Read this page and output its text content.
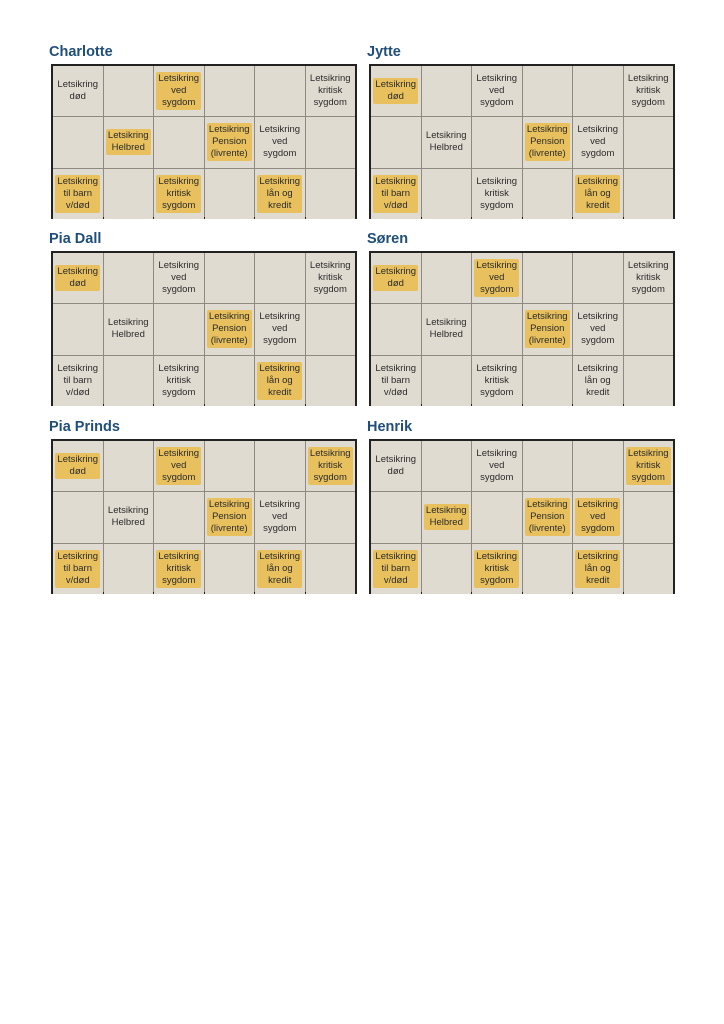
Charlotte
Letsikring
død
Letsikring
ved
sygdom
Letsikring
kritisk
sygdom
Letsikring
Helbred
Letsikring
Pension
(livrente)
Letsikring
ved
sygdom
Letsikring
til barn
v/død
Letsikring
kritisk
sygdom
Letsikring
lån og
kredit
Jytte
Letsikring
død
Letsikring
ved
sygdom
Letsikring
kritisk
sygdom
Letsikring
Helbred
Letsikring
Pension
(livrente)
Letsikring
ved
sygdom
Letsikring
til barn
v/død
Letsikring
kritisk
sygdom
Letsikring
lån og
kredit
Pia Dall
Letsikring
død
Letsikring
ved
sygdom
Letsikring
kritisk
sygdom
Letsikring
Helbred
Letsikring
Pension
(livrente)
Letsikring
ved
sygdom
Letsikring
til barn
v/død
Letsikring
kritisk
sygdom
Letsikring
lån og
kredit
Søren
Letsikring
død
Letsikring
ved
sygdom
Letsikring
kritisk
sygdom
Letsikring
Helbred
Letsikring
Pension
(livrente)
Letsikring
ved
sygdom
Letsikring
til barn
v/død
Letsikring
kritisk
sygdom
Letsikring
lån og
kredit
Pia Prinds
Letsikring
død
Letsikring
ved
sygdom
Letsikring
kritisk
sygdom
Letsikring
Helbred
Letsikring
Pension
(livrente)
Letsikring
ved
sygdom
Letsikring
til barn
v/død
Letsikring
kritisk
sygdom
Letsikring
lån og
kredit
Henrik
Letsikring
død
Letsikring
ved
sygdom
Letsikring
kritisk
sygdom
Letsikring
Helbred
Letsikring
Pension
(livrente)
Letsikring
ved
sygdom
Letsikring
til barn
v/død
Letsikring
kritisk
sygdom
Letsikring
lån og
kredit
